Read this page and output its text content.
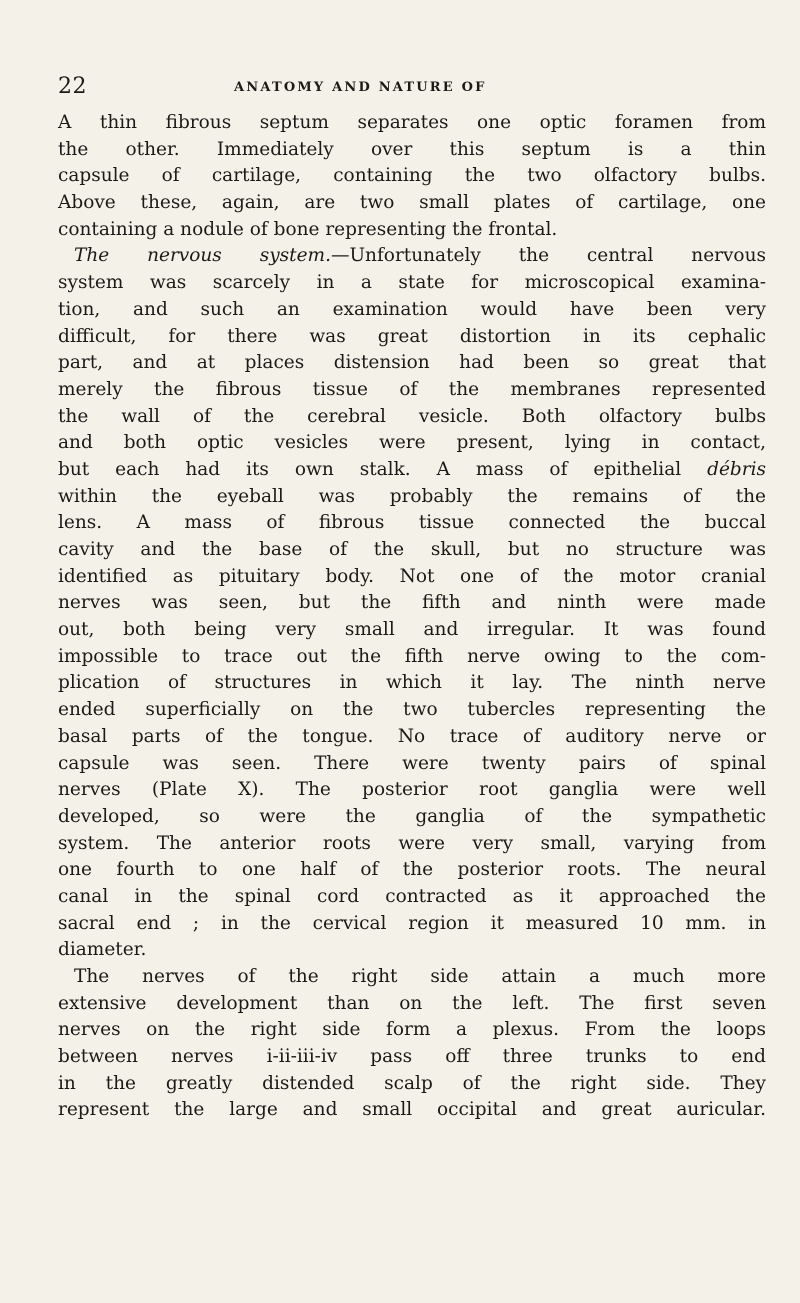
22	ANATOMY AND NATURE OF
A thin fibrous septum separates one optic foramen from
the other. Immediately over this septum is a thin
capsule of cartilage, containing the two olfactory bulbs.
Above these, again, are two small plates of cartilage, one
containing a nodule of bone representing the frontal.
The nervous system.—Unfortunately the central nervous
system was scarcely in a state for microscopical examina-
tion, and such an examination would have been very
difficult, for there was great distortion in its cephalic
part, and at places distension had been so great that
merely the fibrous tissue of the membranes represented
the wall of the cerebral vesicle. Both olfactory bulbs
and both optic vesicles were present, lying in contact,
but each had its own stalk. A mass of epithelial débris
within the eyeball was probably the remains of the
lens. A mass of fibrous tissue connected the buccal
cavity and the base of the skull, but no structure was
identified as pituitary body. Not one of the motor cranial
nerves was seen, but the fifth and ninth were made
out, both being very small and irregular. It was found
impossible to trace out the fifth nerve owing to the com-
plication of structures in which it lay. The ninth nerve
ended superficially on the two tubercles representing the
basal parts of the tongue. No trace of auditory nerve or
capsule was seen. There were twenty pairs of spinal
nerves (Plate X). The posterior root ganglia were well
developed, so were the ganglia of the sympathetic
system. The anterior roots were very small, varying from
one fourth to one half of the posterior roots. The neural
canal in the spinal cord contracted as it approached the
sacral end ; in the cervical region it measured 10 mm. in
diameter.
The nerves of the right side attain a much more
extensive development than on the left. The first seven
nerves on the right side form a plexus. From the loops
between nerves i-ii-iii-iv pass off three trunks to end
in the greatly distended scalp of the right side. They
represent the large and small occipital and great auricular.
